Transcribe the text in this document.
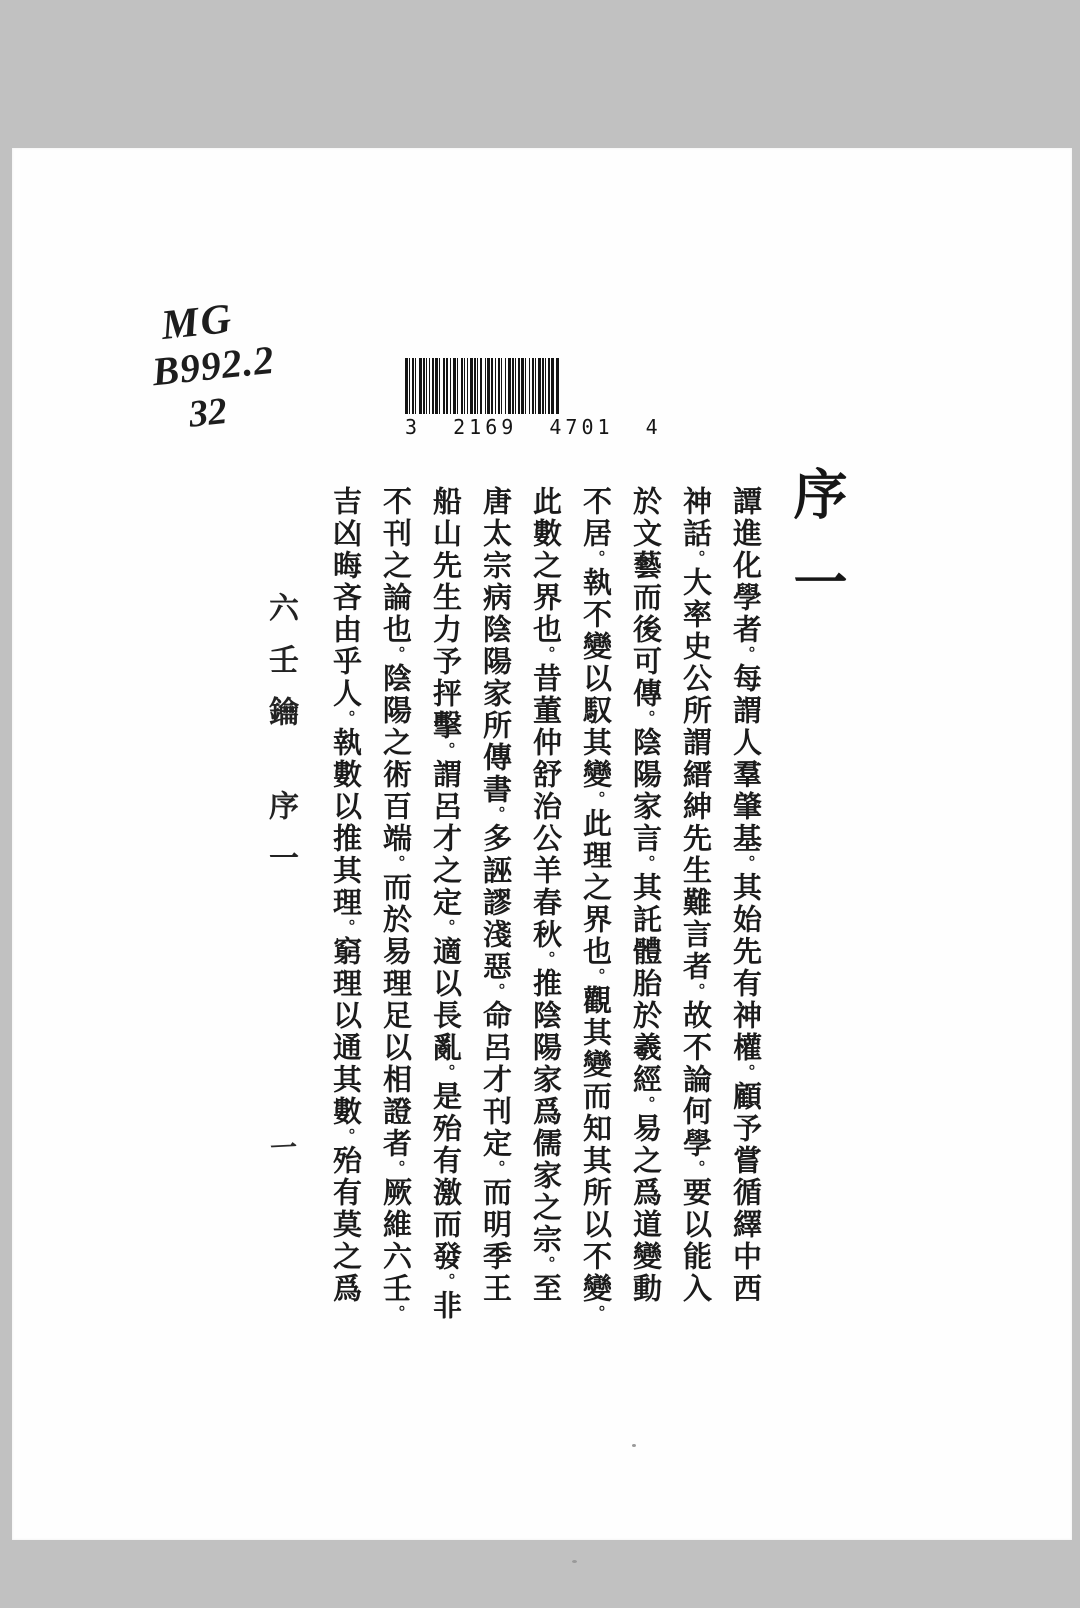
MG
B992.2
32	3  2169  4701  4
序一
譚進化學者。每謂人羣肇基。其始先有神權。顧予嘗循繹中西
神話。大率史公所謂縉紳先生難言者。故不論何學。要以能入
於文藝而後可傳。陰陽家言。其託體胎於羲經。易之爲道變動
不居。執不變以馭其變。此理之界也。觀其變而知其所以不變。
此數之界也。昔董仲舒治公羊春秋。推陰陽家爲儒家之宗。至
唐太宗病陰陽家所傳書。多誣謬淺惡。命呂才刊定。而明季王
船山先生力予抨擊。謂呂才之定。適以長亂。是殆有激而發。非
不刊之論也。陰陽之術百端。而於易理足以相證者。厥維六壬。
吉凶晦吝由乎人。執數以推其理。窮理以通其數。殆有莫之爲
六壬鑰序一
一
